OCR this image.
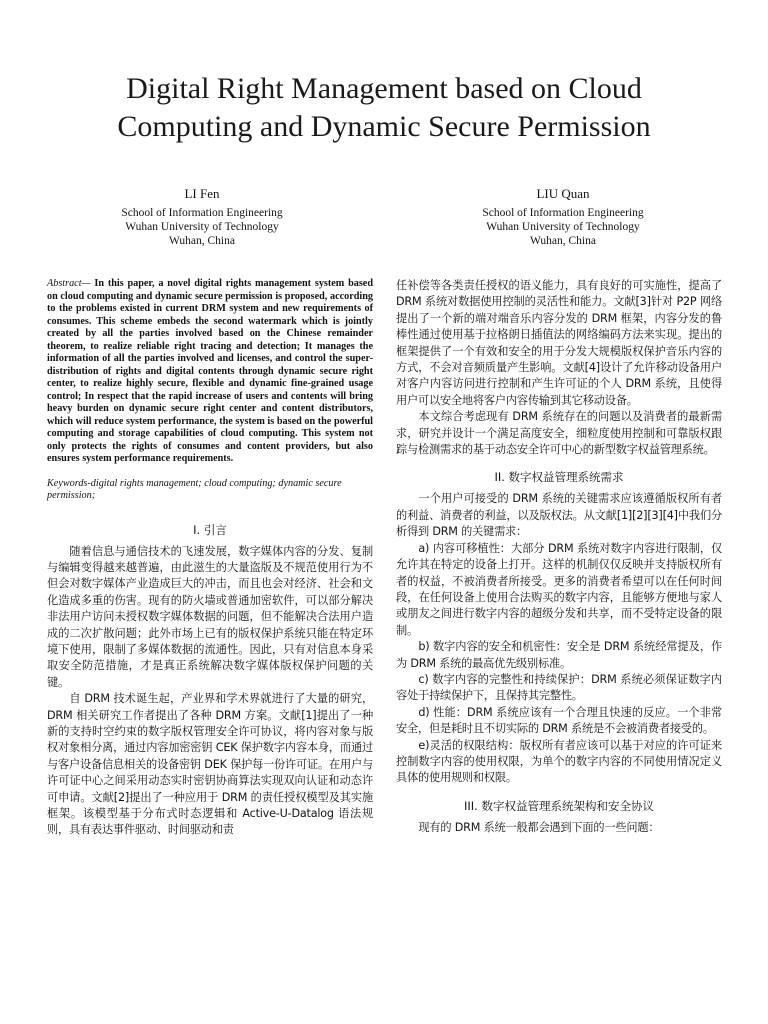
Digital Right Management based on Cloud Computing and Dynamic Secure Permission
LI Fen
School of Information Engineering
Wuhan University of Technology
Wuhan, China
LIU Quan
School of Information Engineering
Wuhan University of Technology
Wuhan, China

Abstract— In this paper, a novel digital rights management system based on cloud computing and dynamic secure permission is proposed, according to the problems existed in current DRM system and new requirements of consumes. This scheme embeds the second watermark which is jointly created by all the parties involved based on the Chinese remainder theorem, to realize reliable right tracing and detection; It manages the information of all the parties involved and licenses, and control the super-distribution of rights and digital contents through dynamic secure right center, to realize highly secure, flexible and dynamic fine-grained usage control; In respect that the rapid increase of users and contents will bring heavy burden on dynamic secure right center and content distributors, which will reduce system performance, the system is based on the powerful computing and storage capabilities of cloud computing. This system not only protects the rights of consumes and content providers, but also ensures system performance requirements.

Keywords-digital rights management; cloud computing; dynamic secure permission;

I. 引言

随着信息与通信技术的飞速发展，数字媒体内容的分发、复制与编辑变得越来越普遍，由此滋生的大量盗版及不规范使用行为不但会对数字媒体产业造成巨大的冲击，而且也会对经济、社会和文化造成多重的伤害。现有的防火墙或普通加密软件，可以部分解决非法用户访问未授权数字媒体数据的问题，但不能解决合法用户造成的二次扩散问题；此外市场上已有的版权保护系统只能在特定环境下使用，限制了多媒体数据的流通性。因此，只有对信息本身采取安全防范措施，才是真正系统解决数字媒体版权保护问题的关键。

自 DRM 技术诞生起，产业界和学术界就进行了大量的研究，DRM 相关研究工作者提出了各种 DRM 方案。文献[1]提出了一种新的支持时空约束的数字版权管理安全许可协议，将内容对象与版权对象相分离，通过内容加密密钥 CEK 保护数字内容本身，而通过与客户设备信息相关的设备密钥 DEK 保护每一份许可证。在用户与许可证中心之间采用动态实时密钥协商算法实现双向认证和动态许可申请。文献[2]提出了一种应用于 DRM 的责任授权模型及其实施框架。该模型基于分布式时态逻辑和 Active-U-Datalog 语法规则，具有表达事件驱动、时间驱动和责

任补偿等各类责任授权的语义能力，具有良好的可实施性，提高了 DRM 系统对数据使用控制的灵活性和能力。文献[3]针对 P2P 网络提出了一个新的端对端音乐内容分发的 DRM 框架，内容分发的鲁棒性通过使用基于拉格朗日插值法的网络编码方法来实现。提出的框架提供了一个有效和安全的用于分发大规模版权保护音乐内容的方式，不会对音频质量产生影响。文献[4]设计了允许移动设备用户对客户内容访问进行控制和产生许可证的个人 DRM 系统，且使得用户可以安全地将客户内容传输到其它移动设备。

本文综合考虑现有 DRM 系统存在的问题以及消费者的最新需求，研究并设计一个满足高度安全，细粒度使用控制和可靠版权跟踪与检测需求的基于动态安全许可中心的新型数字权益管理系统。

II. 数字权益管理系统需求

一个用户可接受的 DRM 系统的关键需求应该遵循版权所有者的利益、消费者的利益，以及版权法。从文献[1][2][3][4]中我们分析得到 DRM 的关键需求：

a) 内容可移植性：大部分 DRM 系统对数字内容进行限制，仅允许其在特定的设备上打开。这样的机制仅仅反映并支持版权所有者的权益，不被消费者所接受。更多的消费者希望可以在任何时间段，在任何设备上使用合法购买的数字内容，且能够方便地与家人或朋友之间进行数字内容的超级分发和共享，而不受特定设备的限制。

b) 数字内容的安全和机密性：安全是 DRM 系统经常提及，作为 DRM 系统的最高优先级别标准。

c) 数字内容的完整性和持续保护：DRM 系统必须保证数字内容处于持续保护下，且保持其完整性。

d) 性能：DRM 系统应该有一个合理且快速的反应。一个非常安全，但是耗时且不切实际的 DRM 系统是不会被消费者接受的。

e)灵活的权限结构：版权所有者应该可以基于对应的许可证来控制数字内容的使用权限，为单个的数字内容的不同使用情况定义具体的使用规则和权限。

III. 数字权益管理系统架构和安全协议

现有的 DRM 系统一般都会遇到下面的一些问题：
